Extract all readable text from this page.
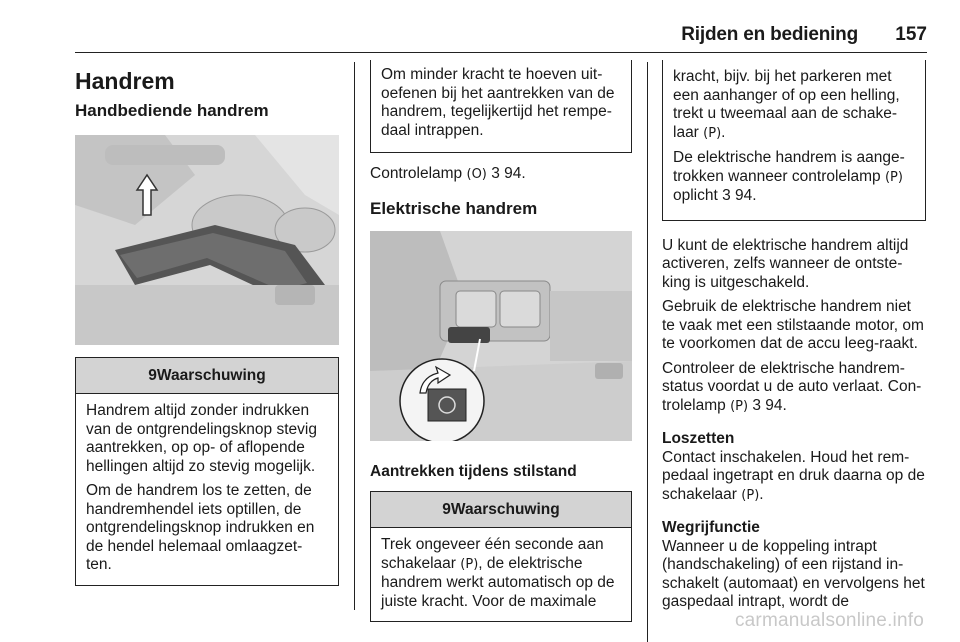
Rijden en bediening 157
Handrem
Handbediende handrem
9Waarschuwing

Handrem altijd zonder indrukken van de ontgrendelingsknop stevig aantrekken, op op- of aflopende hellingen altijd zo stevig mogelijk.

Om de handrem los te zetten, de handremhendel iets optillen, de ontgrendelingsknop indrukken en de hendel helemaal omlaagzet-ten.

Om minder kracht te hoeven uit-oefenen bij het aantrekken van de handrem, tegelijkertijd het rempe-daal intrappen.

Controlelamp (O) 3 94.

Elektrische handrem

Aantrekken tijdens stilstand

9Waarschuwing

Trek ongeveer één seconde aan schakelaar (P), de elektrische handrem werkt automatisch op de juiste kracht. Voor de maximale

kracht, bijv. bij het parkeren met een aanhanger of op een helling, trekt u tweemaal aan de schake-laar (P).

De elektrische handrem is aange-trokken wanneer controlelamp (P) oplicht 3 94.

U kunt de elektrische handrem altijd activeren, zelfs wanneer de ontste-king is uitgeschakeld.

Gebruik de elektrische handrem niet te vaak met een stilstaande motor, om te voorkomen dat de accu leeg-raakt.

Controleer de elektrische handrem-status voordat u de auto verlaat. Con-trolelamp (P) 3 94.

Loszetten

Contact inschakelen. Houd het rem-pedaal ingetrapt en druk daarna op de schakelaar (P).

Wegrijfunctie

Wanneer u de koppeling intrapt (handschakeling) of een rijstand in-schakelt (automaat) en vervolgens het gaspedaal intrapt, wordt de

carmanualsonline.info
